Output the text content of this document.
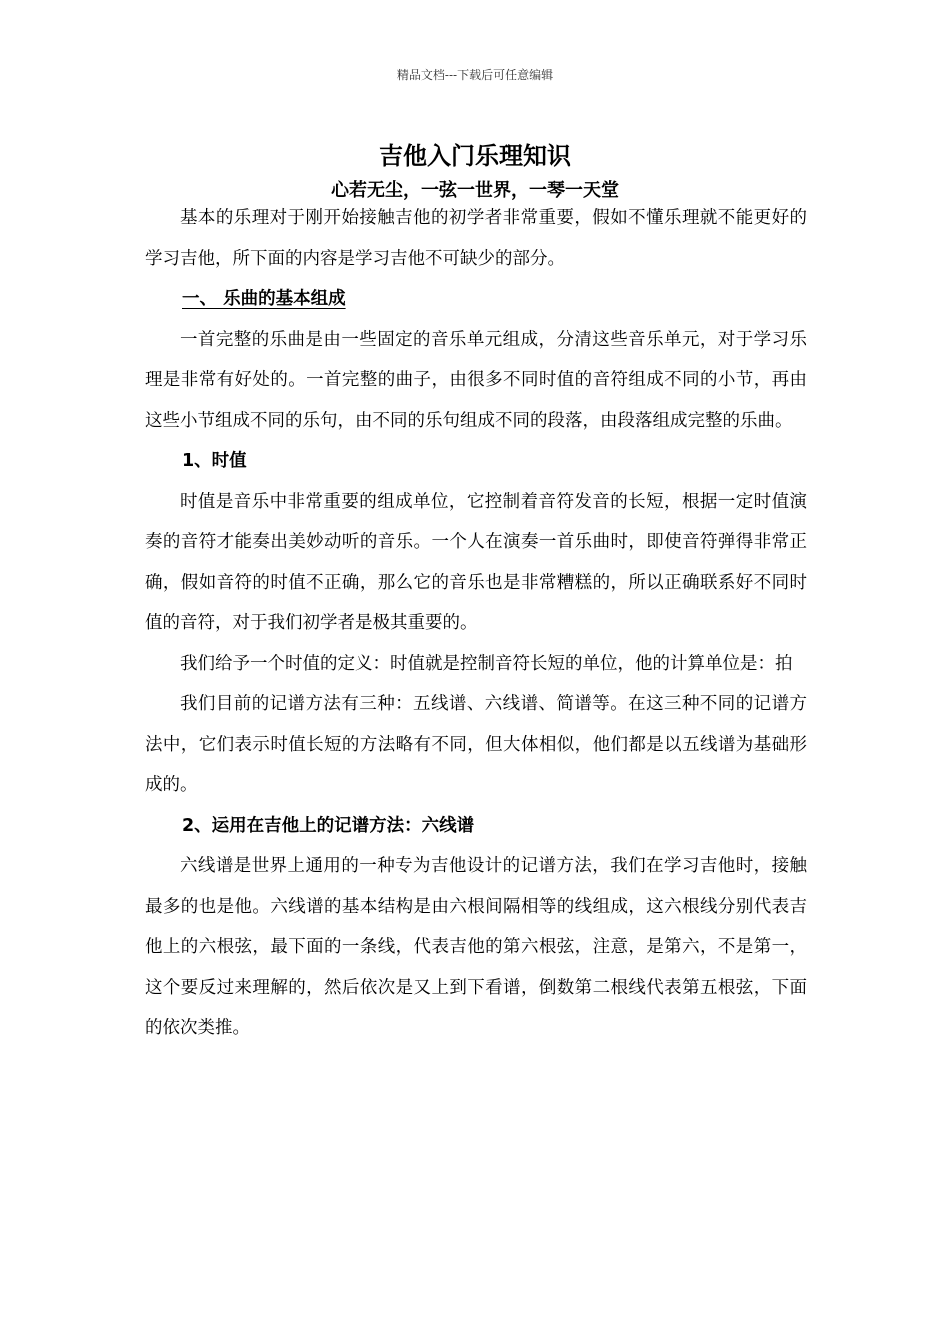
精品文档---下载后可任意编辑
吉他入门乐理知识
心若无尘，一弦一世界，一琴一天堂

基本的乐理对于刚开始接触吉他的初学者非常重要，假如不懂乐理就不能更好的学习吉他，所下面的内容是学习吉他不可缺少的部分。

一、 乐曲的基本组成

一首完整的乐曲是由一些固定的音乐单元组成，分清这些音乐单元，对于学习乐理是非常有好处的。一首完整的曲子，由很多不同时值的音符组成不同的小节，再由这些小节组成不同的乐句，由不同的乐句组成不同的段落，由段落组成完整的乐曲。

1、时值

时值是音乐中非常重要的组成单位，它控制着音符发音的长短，根据一定时值演奏的音符才能奏出美妙动听的音乐。一个人在演奏一首乐曲时，即使音符弹得非常正确，假如音符的时值不正确，那么它的音乐也是非常糟糕的，所以正确联系好不同时值的音符，对于我们初学者是极其重要的。

我们给予一个时值的定义：时值就是控制音符长短的单位，他的计算单位是：拍

我们目前的记谱方法有三种：五线谱、六线谱、简谱等。在这三种不同的记谱方法中，它们表示时值长短的方法略有不同，但大体相似，他们都是以五线谱为基础形成的。

2、运用在吉他上的记谱方法：六线谱

六线谱是世界上通用的一种专为吉他设计的记谱方法，我们在学习吉他时，接触最多的也是他。六线谱的基本结构是由六根间隔相等的线组成，这六根线分别代表吉他上的六根弦，最下面的一条线，代表吉他的第六根弦，注意，是第六，不是第一，这个要反过来理解的，然后依次是又上到下看谱，倒数第二根线代表第五根弦，下面的依次类推。
